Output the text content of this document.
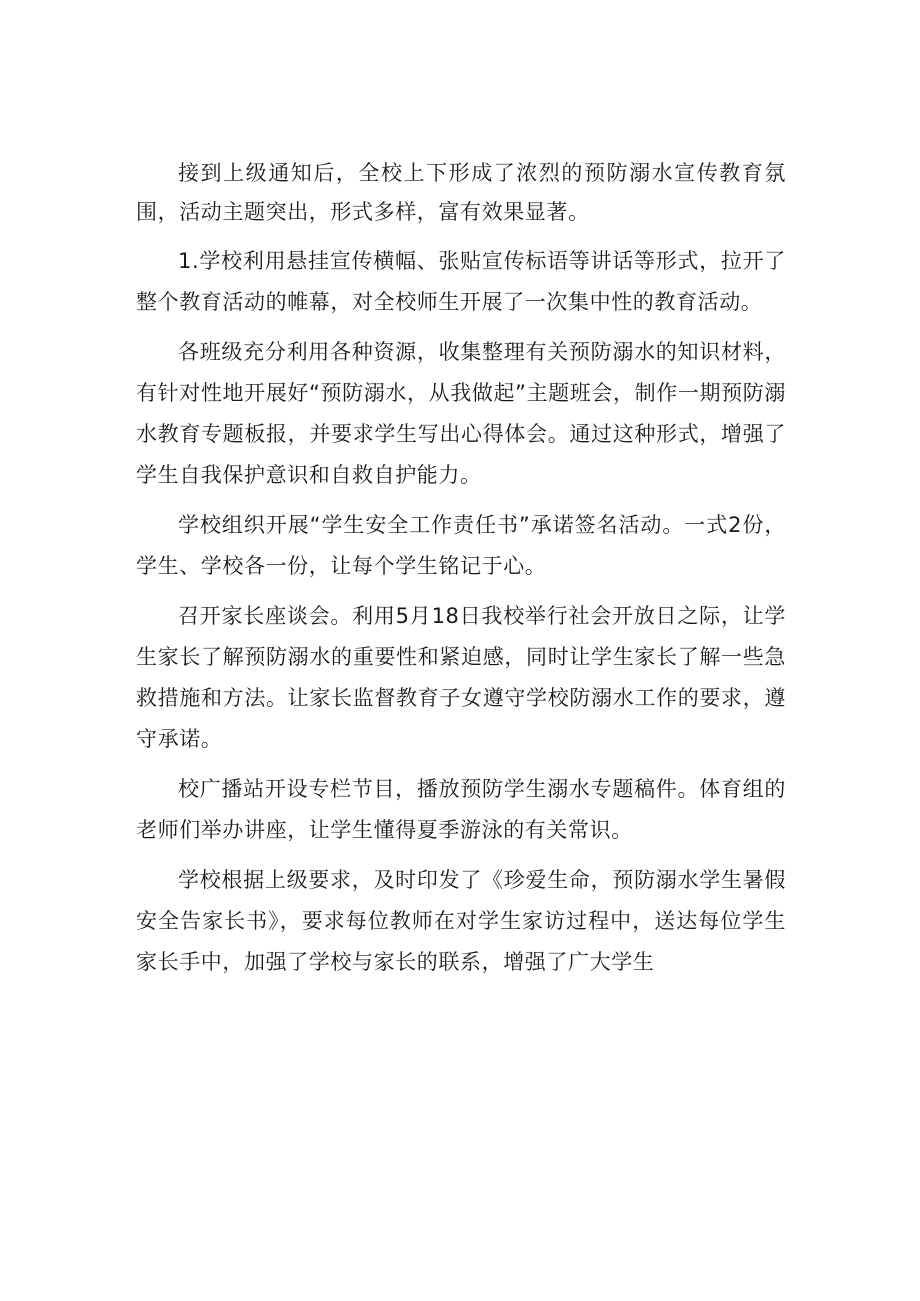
接到上级通知后，全校上下形成了浓烈的预防溺水宣传教育氛围，活动主题突出，形式多样，富有效果显著。

1.学校利用悬挂宣传横幅、张贴宣传标语等讲话等形式，拉开了整个教育活动的帷幕，对全校师生开展了一次集中性的教育活动。

各班级充分利用各种资源，收集整理有关预防溺水的知识材料，有针对性地开展好“预防溺水，从我做起”主题班会，制作一期预防溺水教育专题板报，并要求学生写出心得体会。通过这种形式，增强了学生自我保护意识和自救自护能力。

学校组织开展“学生安全工作责任书”承诺签名活动。一式2份，学生、学校各一份，让每个学生铭记于心。

召开家长座谈会。利用5月18日我校举行社会开放日之际，让学生家长了解预防溺水的重要性和紧迫感，同时让学生家长了解一些急救措施和方法。让家长监督教育子女遵守学校防溺水工作的要求，遵守承诺。

校广播站开设专栏节目，播放预防学生溺水专题稿件。体育组的老师们举办讲座，让学生懂得夏季游泳的有关常识。

学校根据上级要求，及时印发了《珍爱生命，预防溺水学生暑假安全告家长书》，要求每位教师在对学生家访过程中，送达每位学生家长手中，加强了学校与家长的联系，增强了广大学生
